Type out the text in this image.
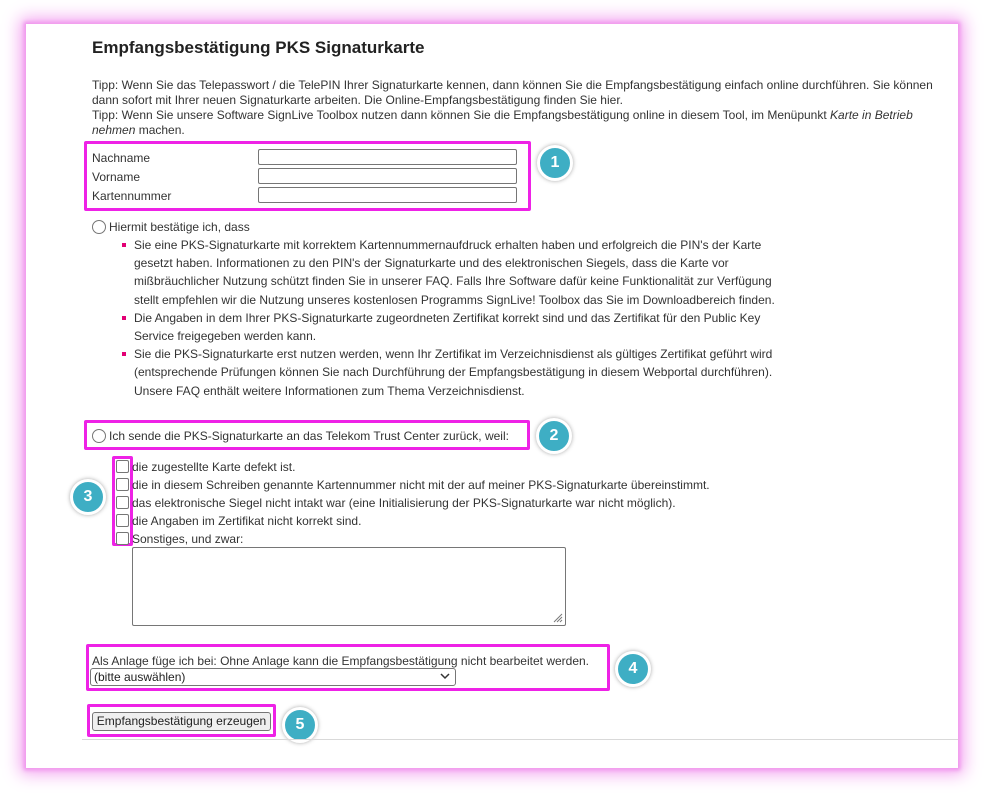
Empfangsbestätigung PKS Signaturkarte
Tipp: Wenn Sie das Telepasswort / die TelePIN Ihrer Signaturkarte kennen, dann können Sie die Empfangsbestätigung einfach online durchführen. Sie können dann sofort mit Ihrer neuen Signaturkarte arbeiten. Die Online-Empfangsbestätigung finden Sie hier.
Tipp: Wenn Sie unsere Software SignLive Toolbox nutzen dann können Sie die Empfangsbestätigung online in diesem Tool, im Menüpunkt Karte in Betrieb nehmen machen.
Nachname
Vorname
Kartennummer
1
Hiermit bestätige ich, dass
Sie eine PKS-Signaturkarte mit korrektem Kartennummernaufdruck erhalten haben und erfolgreich die PIN's der Karte gesetzt haben. Informationen zu den PIN's der Signaturkarte und des elektronischen Siegels, dass die Karte vor mißbräuchlicher Nutzung schützt finden Sie in unserer FAQ. Falls Ihre Software dafür keine Funktionalität zur Verfügung stellt empfehlen wir die Nutzung unseres kostenlosen Programms SignLive! Toolbox das Sie im Downloadbereich finden.
Die Angaben in dem Ihrer PKS-Signaturkarte zugeordneten Zertifikat korrekt sind und das Zertifikat für den Public Key Service freigegeben werden kann.
Sie die PKS-Signaturkarte erst nutzen werden, wenn Ihr Zertifikat im Verzeichnisdienst als gültiges Zertifikat geführt wird (entsprechende Prüfungen können Sie nach Durchführung der Empfangsbestätigung in diesem Webportal durchführen). Unsere FAQ enthält weitere Informationen zum Thema Verzeichnisdienst.
Ich sende die PKS-Signaturkarte an das Telekom Trust Center zurück, weil:	2
die zugestellte Karte defekt ist.
die in diesem Schreiben genannte Kartennummer nicht mit der auf meiner PKS-Signaturkarte übereinstimmt.
das elektronische Siegel nicht intakt war (eine Initialisierung der PKS-Signaturkarte war nicht möglich).
die Angaben im Zertifikat nicht korrekt sind.
Sonstiges, und zwar:
3
Als Anlage füge ich bei: Ohne Anlage kann die Empfangsbestätigung nicht bearbeitet werden.
(bitte auswählen)	4
Empfangsbestätigung erzeugen	5
